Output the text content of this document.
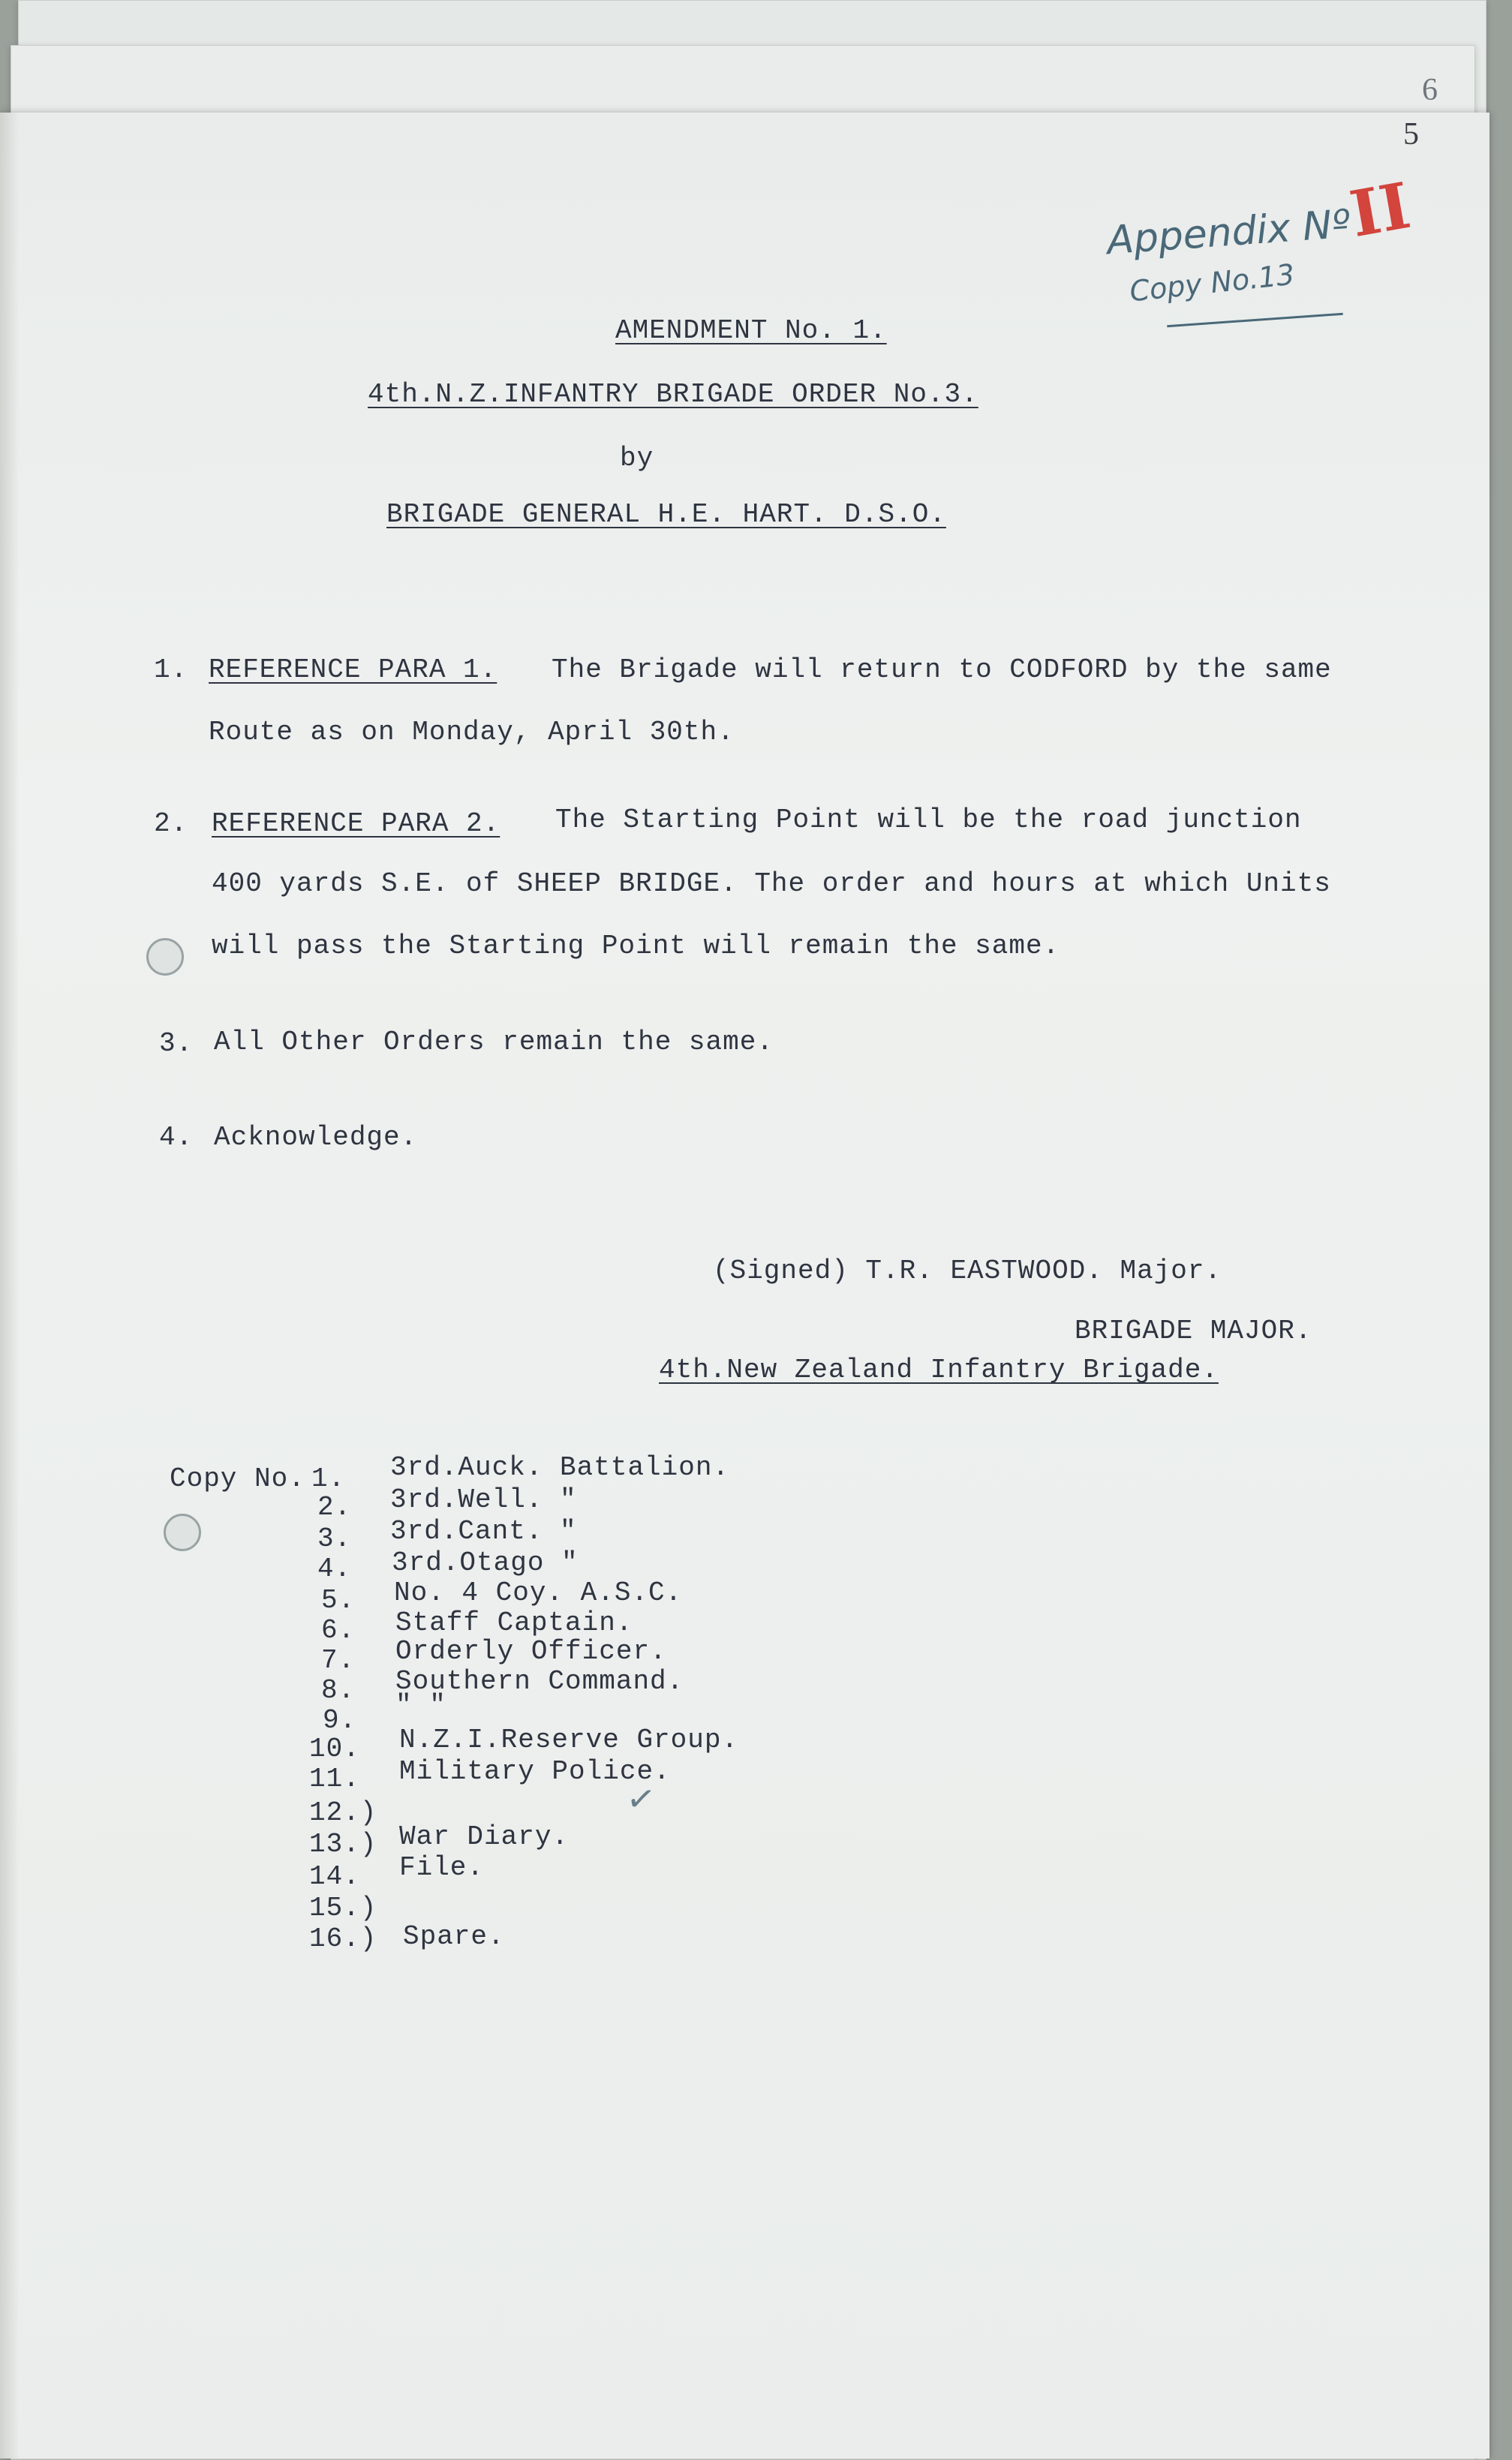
6
5
Appendix Nº
II
Copy No.13
AMENDMENT No. 1.
4th.N.Z.INFANTRY BRIGADE ORDER No.3.
by
BRIGADE GENERAL H.E. HART. D.S.O.
1. REFERENCE PARA 1. The Brigade will return to CODFORD by the same
Route as on Monday, April 30th.
2. REFERENCE PARA 2. The Starting Point will be the road junction
400 yards S.E. of SHEEP BRIDGE. The order and hours at which Units
will pass the Starting Point will remain the same.
3. All Other Orders remain the same.
4. Acknowledge.
(Signed) T.R. EASTWOOD. Major.
BRIGADE MAJOR.
4th.New Zealand Infantry Brigade.
Copy No. 1. 3rd.Auck. Battalion.
2. 3rd.Well. "
3. 3rd.Cant. "
4. 3rd.Otago "
5. No. 4 Coy. A.S.C.
6. Staff Captain.
7. Orderly Officer.
8. Southern Command.
9. " "
10. N.Z.I.Reserve Group.
11. Military Police.
12.)
13.) War Diary.
14. File.
15.)
16.) Spare.
✓
